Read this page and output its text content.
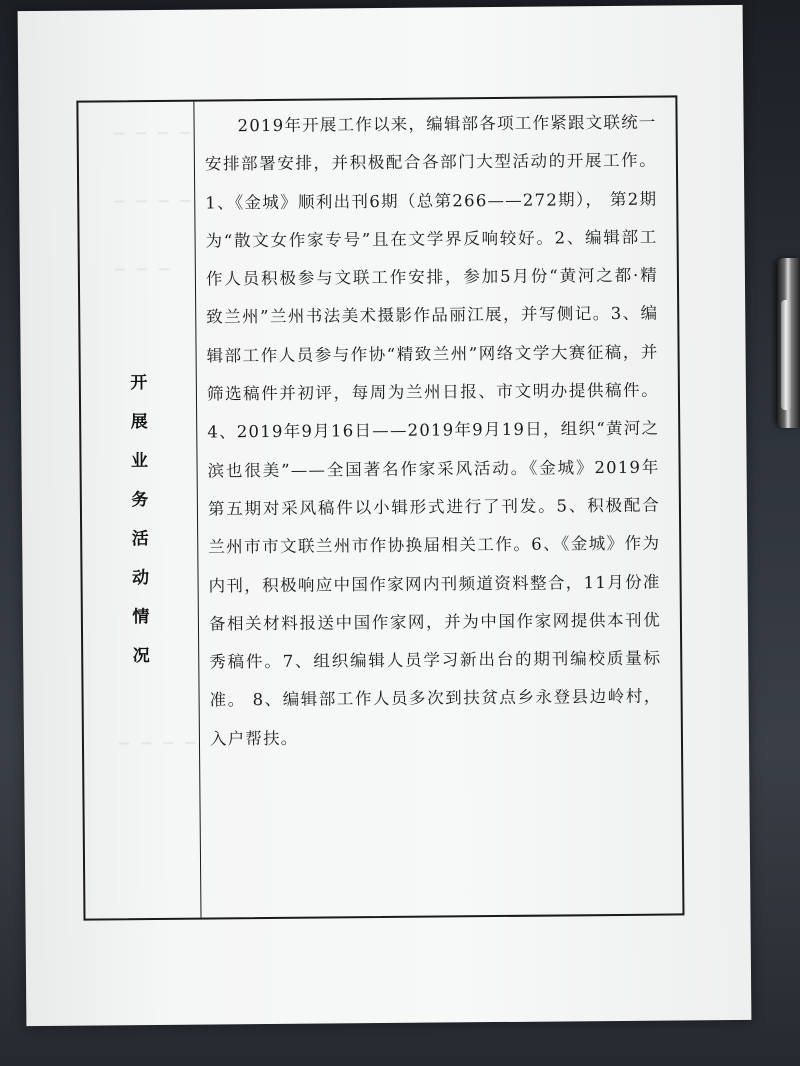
▁ ▁ ▁ ▁
▁ ▁ ▁ ▁
▁ ▁ ▁
▁ ▁ ▁ ▁
开
展
业
务
活
动
情
况

2019年开展工作以来，编辑部各项工作紧跟文联统一安排部署安排，并积极配合各部门大型活动的开展工作。1、《金城》顺利出刊6期（总第266——272期）， 第2期为“散文女作家专号”且在文学界反响较好。2、编辑部工作人员积极参与文联工作安排，参加5月份“黄河之都·精致兰州”兰州书法美术摄影作品丽江展，并写侧记。3、编辑部工作人员参与作协“精致兰州”网络文学大赛征稿，并筛选稿件并初评，每周为兰州日报、市文明办提供稿件。4、2019年9月16日——2019年9月19日，组织“黄河之滨也很美”——全国著名作家采风活动。《金城》2019年第五期对采风稿件以小辑形式进行了刊发。5、积极配合兰州市市文联兰州市作协换届相关工作。6、《金城》作为内刊，积极响应中国作家网内刊频道资料整合，11月份准备相关材料报送中国作家网，并为中国作家网提供本刊优秀稿件。7、组织编辑人员学习新出台的期刊编校质量标准。 8、编辑部工作人员多次到扶贫点乡永登县边岭村，入户帮扶。
